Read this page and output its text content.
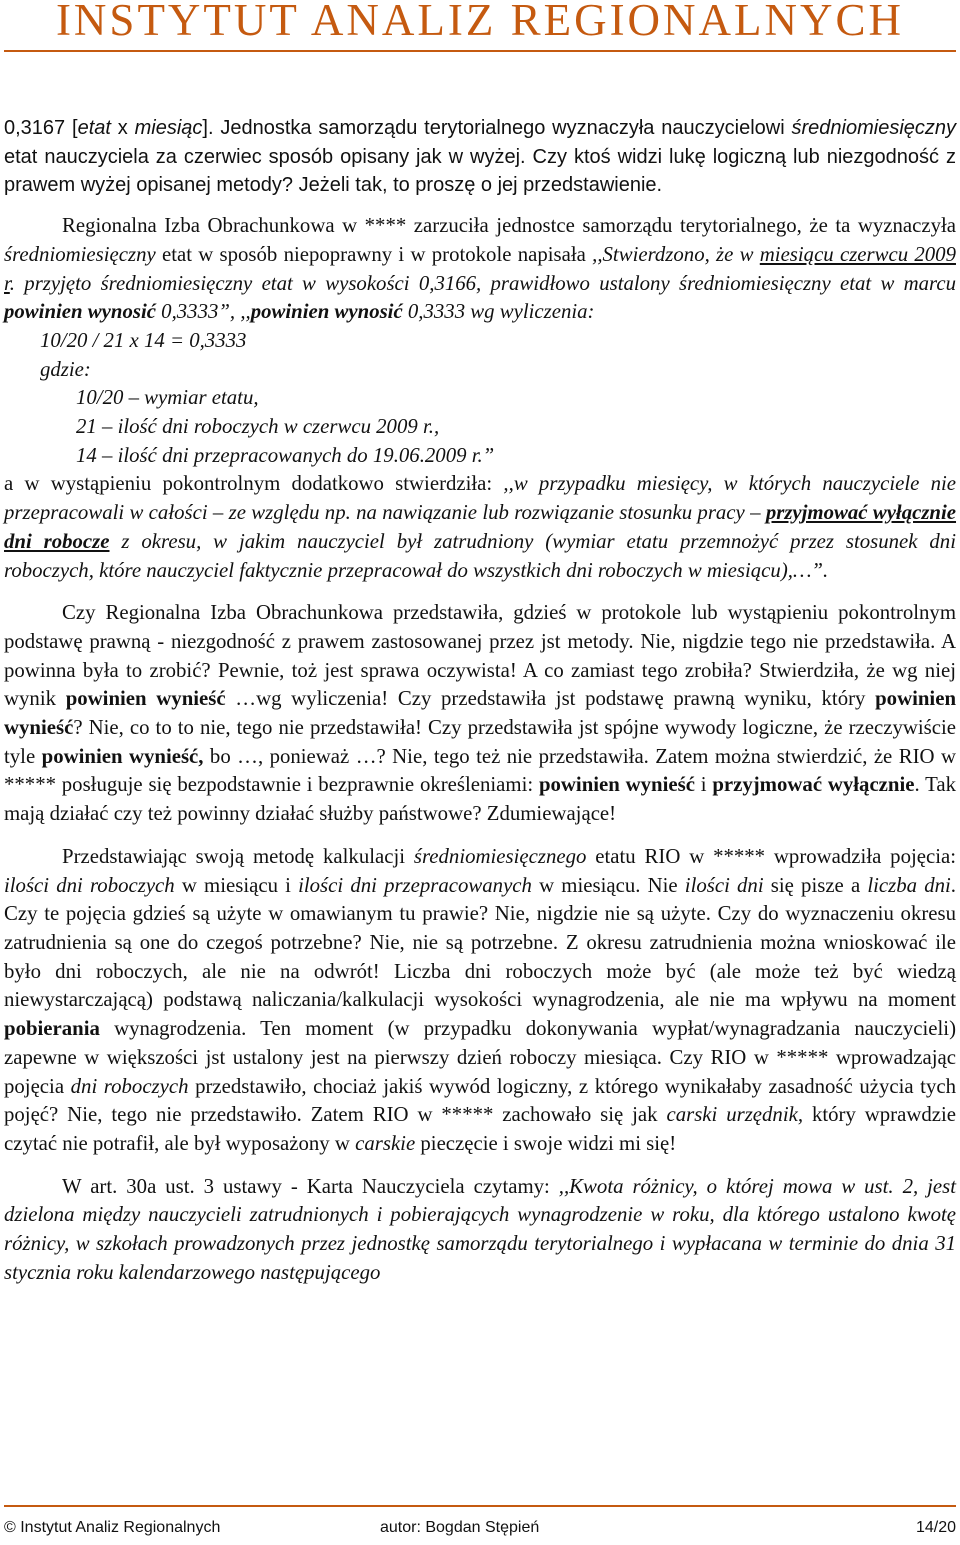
INSTYTUT ANALIZ REGIONALNYCH

0,3167 [etat x miesiąc]. Jednostka samorządu terytorialnego wyznaczyła nauczycielowi średniomiesięczny etat nauczyciela za czerwiec sposób opisany jak w wyżej. Czy ktoś widzi lukę logiczną lub niezgodność z prawem wyżej opisanej metody? Jeżeli tak, to proszę o jej przedstawienie.

Regionalna Izba Obrachunkowa w **** zarzuciła jednostce samorządu terytorialnego, że ta wyznaczyła średniomiesięczny etat w sposób niepoprawny i w protokole napisała ,,Stwierdzono, że w miesiącu czerwcu 2009 r. przyjęto średniomiesięczny etat w wysokości 0,3166, prawidłowo ustalony średniomiesięczny etat w marcu powinien wynosić 0,3333”, ,,powinien wynosić 0,3333 wg wyliczenia:

10/20 / 21 x 14 = 0,3333
gdzie:
10/20 – wymiar etatu,
21 – ilość dni roboczych w czerwcu 2009 r.,
14 – ilość dni przepracowanych do 19.06.2009 r.”

a w wystąpieniu pokontrolnym dodatkowo stwierdziła: ,,w przypadku miesięcy, w których nauczyciele nie przepracowali w całości – ze względu np. na nawiązanie lub rozwiązanie stosunku pracy – przyjmować wyłącznie dni robocze z okresu, w jakim nauczyciel był zatrudniony (wymiar etatu przemnożyć przez stosunek dni roboczych, które nauczyciel faktycznie przepracował do wszystkich dni roboczych w miesiącu),…”.

Czy Regionalna Izba Obrachunkowa przedstawiła, gdzieś w protokole lub wystąpieniu pokontrolnym podstawę prawną - niezgodność z prawem zastosowanej przez jst metody. Nie, nigdzie tego nie przedstawiła. A powinna była to zrobić? Pewnie, toż jest sprawa oczywista! A co zamiast tego zrobiła? Stwierdziła, że wg niej wynik powinien wynieść …wg wyliczenia! Czy przedstawiła jst podstawę prawną wyniku, który powinien wynieść? Nie, co to to nie, tego nie przedstawiła! Czy przedstawiła jst spójne wywody logiczne, że rzeczywiście tyle powinien wynieść, bo …, ponieważ …? Nie, tego też nie przedstawiła. Zatem można stwierdzić, że RIO w ***** posługuje się bezpodstawnie i bezprawnie określeniami: powinien wynieść i przyjmować wyłącznie. Tak mają działać czy też powinny działać służby państwowe? Zdumiewające!

Przedstawiając swoją metodę kalkulacji średniomiesięcznego etatu RIO w ***** wprowadziła pojęcia: ilości dni roboczych w miesiącu i ilości dni przepracowanych w miesiącu. Nie ilości dni się pisze a liczba dni. Czy te pojęcia gdzieś są użyte w omawianym tu prawie? Nie, nigdzie nie są użyte. Czy do wyznaczeniu okresu zatrudnienia są one do czegoś potrzebne? Nie, nie są potrzebne. Z okresu zatrudnienia można wnioskować ile było dni roboczych, ale nie na odwrót! Liczba dni roboczych może być (ale może też być wiedzą niewystarczającą) podstawą naliczania/kalkulacji wysokości wynagrodzenia, ale nie ma wpływu na moment pobierania wynagrodzenia. Ten moment (w przypadku dokonywania wypłat/wynagradzania nauczycieli) zapewne w większości jst ustalony jest na pierwszy dzień roboczy miesiąca. Czy RIO w ***** wprowadzając pojęcia dni roboczych przedstawiło, chociaż jakiś wywód logiczny, z którego wynikałaby zasadność użycia tych pojęć? Nie, tego nie przedstawiło. Zatem RIO w ***** zachowało się jak carski urzędnik, który wprawdzie czytać nie potrafił, ale był wyposażony w carskie pieczęcie i swoje widzi mi się!

W art. 30a ust. 3 ustawy - Karta Nauczyciela czytamy: ,,Kwota różnicy, o której mowa w ust. 2, jest dzielona między nauczycieli zatrudnionych i pobierających wynagrodzenie w roku, dla którego ustalono kwotę różnicy, w szkołach prowadzonych przez jednostkę samorządu terytorialnego i wypłacana w terminie do dnia 31 stycznia roku kalendarzowego następującego

© Instytut Analiz Regionalnych	autor: Bogdan Stępień	14/20
